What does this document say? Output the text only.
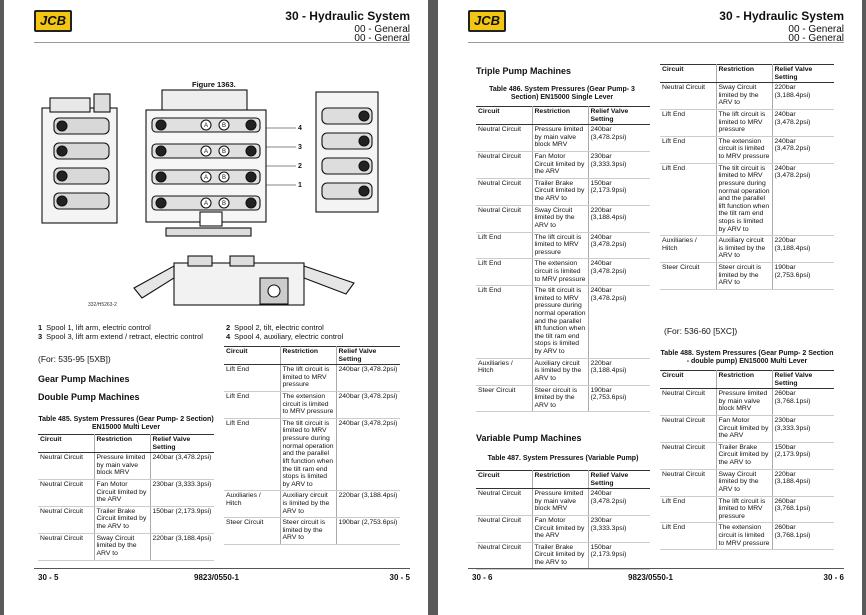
JCB	30 - Hydraulic System
00 - General
00 - General
Figure 1363.
A B
A B
A B
A B
4
3
2
1
332/H5263-2
1 Spool 1, lift arm, electric control	2 Spool 2, tilt, electric control
3 Spool 3, lift arm extend / retract, electric control	4 Spool 4, auxiliary, electric control
(For: 535-95 [5XB])
Gear Pump Machines
Double Pump Machines
Table 485. System Pressures (Gear Pump- 2 Section) EN15000 Multi Lever
Circuit	Restriction	Relief Valve Setting
Neutral Circuit	Pressure limited by main valve block MRV	240bar (3,478.2psi)
Neutral Circuit	Fan Motor Circuit limited by the ARV	230bar (3,333.3psi)
Neutral Circuit	Trailer Brake Circuit limited by the ARV to	150bar (2,173.9psi)
Neutral Circuit	Sway Circuit limited by the ARV to	220bar (3,188.4psi)
Circuit	Restriction	Relief Valve Setting
Lift End	The lift circuit is limited to MRV pressure	240bar (3,478.2psi)
Lift End	The extension circuit is limited to MRV pressure	240bar (3,478.2psi)
Lift End	The tilt circuit is limited to MRV pressure during normal operation and the parallel lift function when the tilt ram end stops is limited by ARV to	240bar (3,478.2psi)
Auxiliaries / Hitch	Auxiliary circuit is limited by the ARV to	220bar (3,188.4psi)
Steer Circuit	Steer circuit is limited by the ARV to	190bar (2,753.6psi)
30 - 5	9823/0550-1	30 - 5
JCB	30 - Hydraulic System
00 - General
00 - General
Triple Pump Machines
Table 486. System Pressures (Gear Pump- 3 Section) EN15000 Single Lever
Circuit	Restriction	Relief Valve Setting
Neutral Circuit	Pressure limited by main valve block MRV	240bar (3,478.2psi)
Neutral Circuit	Fan Motor Circuit limited by the ARV	230bar (3,333.3psi)
Neutral Circuit	Trailer Brake Circuit limited by the ARV to	150bar (2,173.9psi)
Neutral Circuit	Sway Circuit limited by the ARV to	220bar (3,188.4psi)
Lift End	The lift circuit is limited to MRV pressure	240bar (3,478.2psi)
Lift End	The extension circuit is limited to MRV pressure	240bar (3,478.2psi)
Lift End	The tilt circuit is limited to MRV pressure during normal operation and the parallel lift function when the tilt ram end stops is limited by ARV to	240bar (3,478.2psi)
Auxiliaries / Hitch	Auxiliary circuit is limited by the ARV to	220bar (3,188.4psi)
Steer Circuit	Steer circuit is limited by the ARV to	190bar (2,753.6psi)
Variable Pump Machines
Table 487. System Pressures (Variable Pump)
Circuit	Restriction	Relief Valve Setting
Neutral Circuit	Pressure limited by main valve block MRV	240bar (3,478.2psi)
Neutral Circuit	Fan Motor Circuit limited by the ARV	230bar (3,333.3psi)
Neutral Circuit	Trailer Brake Circuit limited by the ARV to	150bar (2,173.9psi)
Circuit	Restriction	Relief Valve Setting
Neutral Circuit	Sway Circuit limited by the ARV to	220bar (3,188.4psi)
Lift End	The lift circuit is limited to MRV pressure	240bar (3,478.2psi)
Lift End	The extension circuit is limited to MRV pressure	240bar (3,478.2psi)
Lift End	The tilt circuit is limited to MRV pressure during normal operation and the parallel lift function when the tilt ram end stops is limited by ARV to	240bar (3,478.2psi)
Auxiliaries / Hitch	Auxiliary circuit is limited by the ARV to	220bar (3,188.4psi)
Steer Circuit	Steer circuit is limited by the ARV to	190bar (2,753.6psi)
(For: 536-60 [5XC])
Table 488. System Pressures (Gear Pump- 2 Section - double pump) EN15000 Multi Lever
Circuit	Restriction	Relief Valve Setting
Neutral Circuit	Pressure limited by main valve block MRV	260bar (3,768.1psi)
Neutral Circuit	Fan Motor Circuit limited by the ARV	230bar (3,333.3psi)
Neutral Circuit	Trailer Brake Circuit limited by the ARV to	150bar (2,173.9psi)
Neutral Circuit	Sway Circuit limited by the ARV to	220bar (3,188.4psi)
Lift End	The lift circuit is limited to MRV pressure	260bar (3,768.1psi)
Lift End	The extension circuit is limited to MRV pressure	260bar (3,768.1psi)
30 - 6	9823/0550-1	30 - 6
